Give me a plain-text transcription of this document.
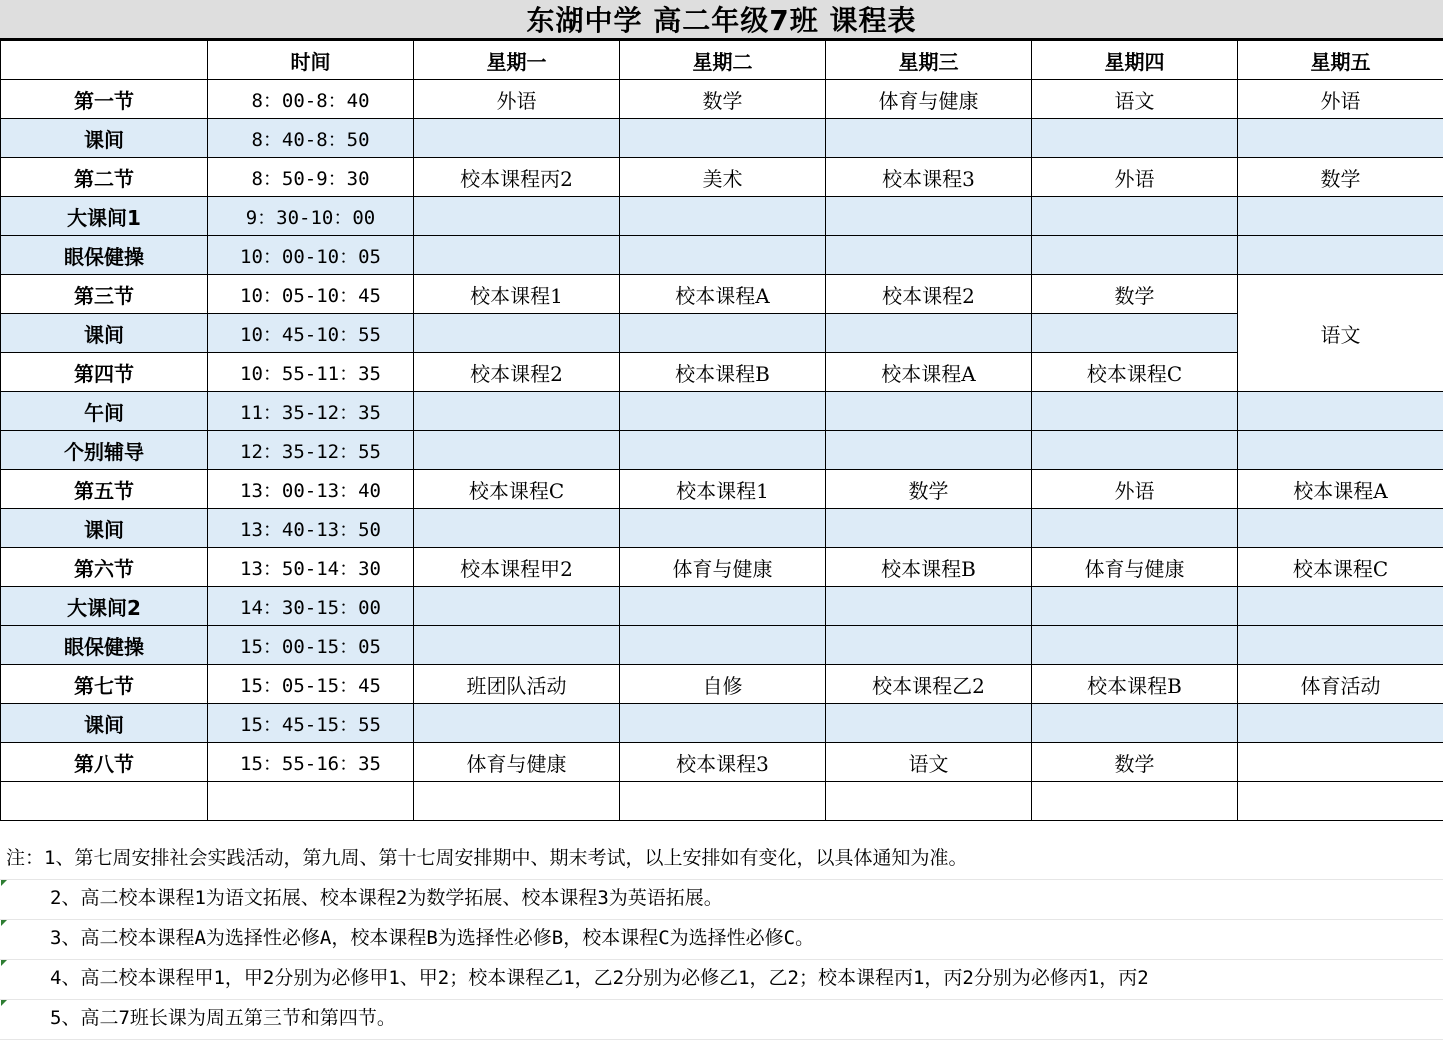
东湖中学 高二年级7班 课程表
	时间	星期一	星期二	星期三	星期四	星期五
第一节	8：00-8：40	外语	数学	体育与健康	语文	外语
课间	8：40-8：50					
第二节	8：50-9：30	校本课程丙2	美术	校本课程3	外语	数学
大课间1	9：30-10：00					
眼保健操	10：00-10：05					
第三节	10：05-10：45	校本课程1	校本课程A	校本课程2	数学	语文
课间	10：45-10：55					
第四节	10：55-11：35	校本课程2	校本课程B	校本课程A	校本课程C	
午间	11：35-12：35					
个别辅导	12：35-12：55					
第五节	13：00-13：40	校本课程C	校本课程1	数学	外语	校本课程A
课间	13：40-13：50					
第六节	13：50-14：30	校本课程甲2	体育与健康	校本课程B	体育与健康	校本课程C
大课间2	14：30-15：00					
眼保健操	15：00-15：05					
第七节	15：05-15：45	班团队活动	自修	校本课程乙2	校本课程B	体育活动
课间	15：45-15：55					
第八节	15：55-16：35	体育与健康	校本课程3	语文	数学	

注：1、第七周安排社会实践活动，第九周、第十七周安排期中、期末考试，以上安排如有变化，以具体通知为准。
2、高二校本课程1为语文拓展、校本课程2为数学拓展、校本课程3为英语拓展。
3、高二校本课程A为选择性必修A，校本课程B为选择性必修B，校本课程C为选择性必修C。
4、高二校本课程甲1，甲2分别为必修甲1、甲2；校本课程乙1，乙2分别为必修乙1，乙2；校本课程丙1，丙2分别为必修丙1，丙2
5、高二7班长课为周五第三节和第四节。
